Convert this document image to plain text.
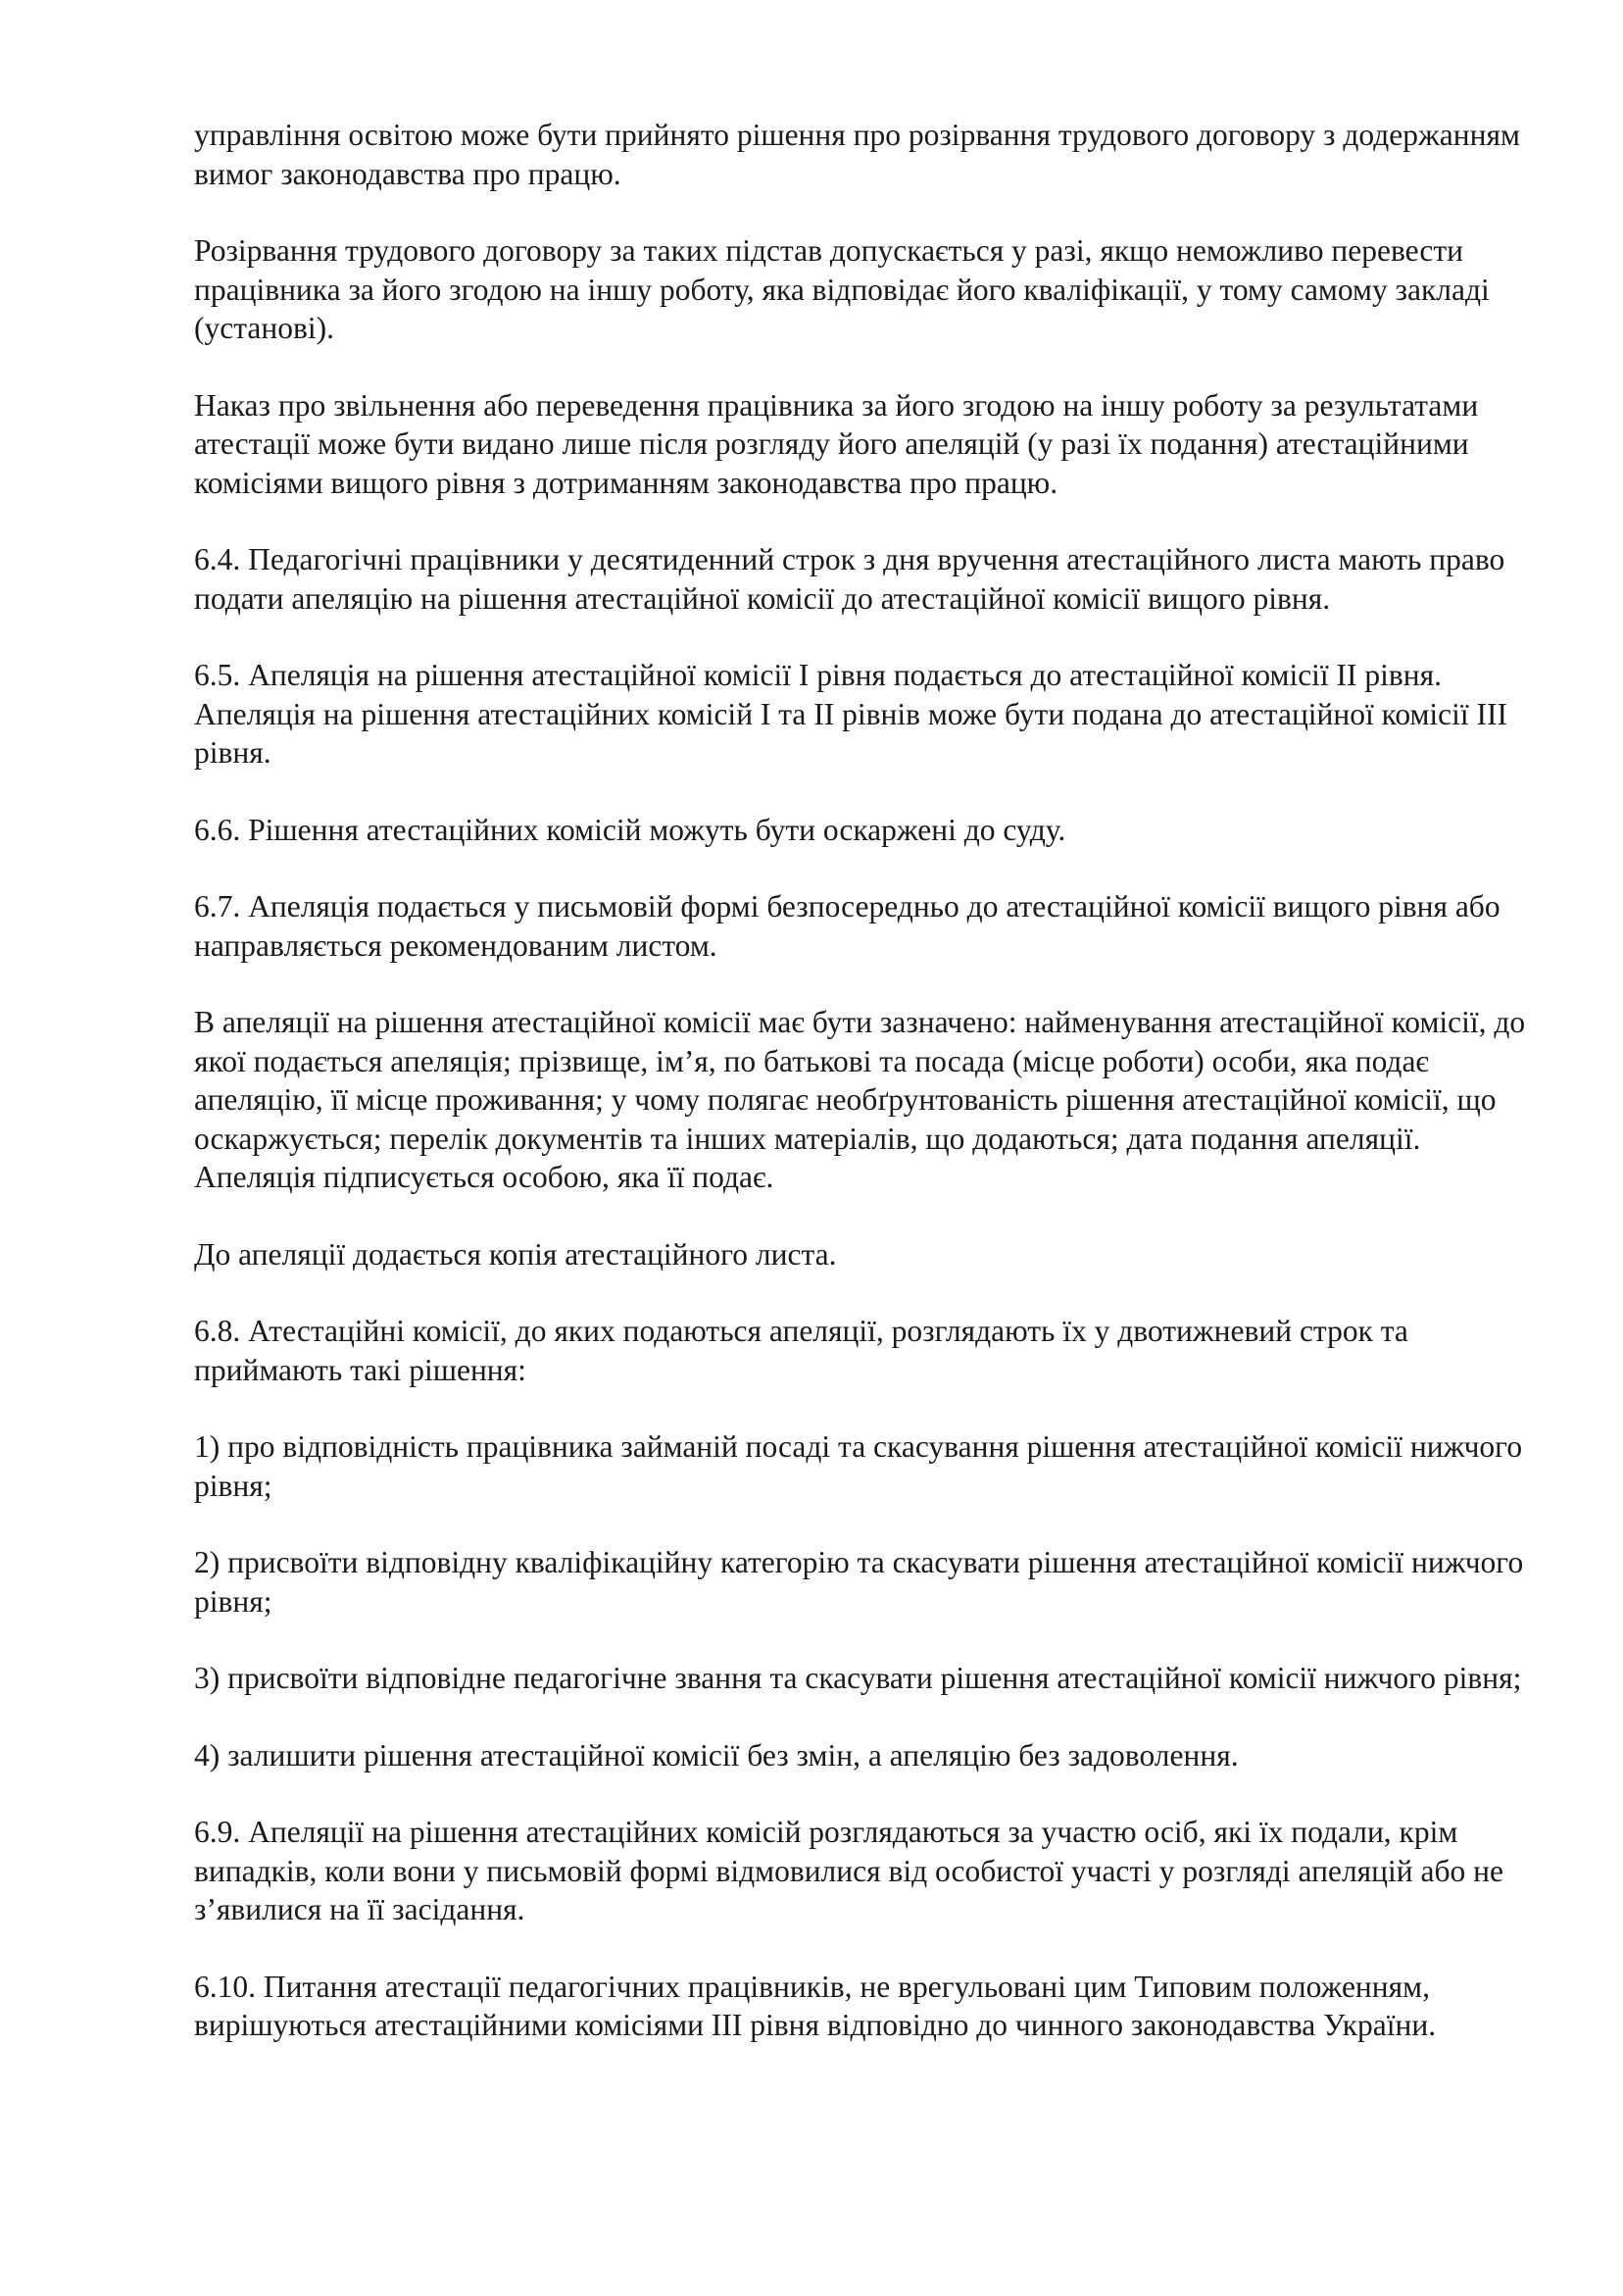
управління освітою може бути прийнято рішення про розірвання трудового договору з додержанням вимог законодавства про працю.

Розірвання трудового договору за таких підстав допускається у разі, якщо неможливо перевести працівника за його згодою на іншу роботу, яка відповідає його кваліфікації, у тому самому закладі (установі).

Наказ про звільнення або переведення працівника за його згодою на іншу роботу за результатами атестації може бути видано лише після розгляду його апеляцій (у разі їх подання) атестаційними комісіями вищого рівня з дотриманням законодавства про працю.

6.4. Педагогічні працівники у десятиденний строк з дня вручення атестаційного листа мають право подати апеляцію на рішення атестаційної комісії до атестаційної комісії вищого рівня.

6.5. Апеляція на рішення атестаційної комісії I рівня подається до атестаційної комісії II рівня. Апеляція на рішення атестаційних комісій I та II рівнів може бути подана до атестаційної комісії III рівня.

6.6. Рішення атестаційних комісій можуть бути оскаржені до суду.

6.7. Апеляція подається у письмовій формі безпосередньо до атестаційної комісії вищого рівня або направляється рекомендованим листом.

В апеляції на рішення атестаційної комісії має бути зазначено: найменування атестаційної комісії, до якої подається апеляція; прізвище, ім’я, по батькові та посада (місце роботи) особи, яка подає апеляцію, її місце проживання; у чому полягає необґрунтованість рішення атестаційної комісії, що оскаржується; перелік документів та інших матеріалів, що додаються; дата подання апеляції. Апеляція підписується особою, яка її подає.

До апеляції додається копія атестаційного листа.

6.8. Атестаційні комісії, до яких подаються апеляції, розглядають їх у двотижневий строк та приймають такі рішення:

1) про відповідність працівника займаній посаді та скасування рішення атестаційної комісії нижчого рівня;

2) присвоїти відповідну кваліфікаційну категорію та скасувати рішення атестаційної комісії нижчого рівня;

3) присвоїти відповідне педагогічне звання та скасувати рішення атестаційної комісії нижчого рівня;

4) залишити рішення атестаційної комісії без змін, а апеляцію без задоволення.

6.9. Апеляції на рішення атестаційних комісій розглядаються за участю осіб, які їх подали, крім випадків, коли вони у письмовій формі відмовилися від особистої участі у розгляді апеляцій або не з’явилися на її засідання.

6.10. Питання атестації педагогічних працівників, не врегульовані цим Типовим положенням, вирішуються атестаційними комісіями III рівня відповідно до чинного законодавства України.
